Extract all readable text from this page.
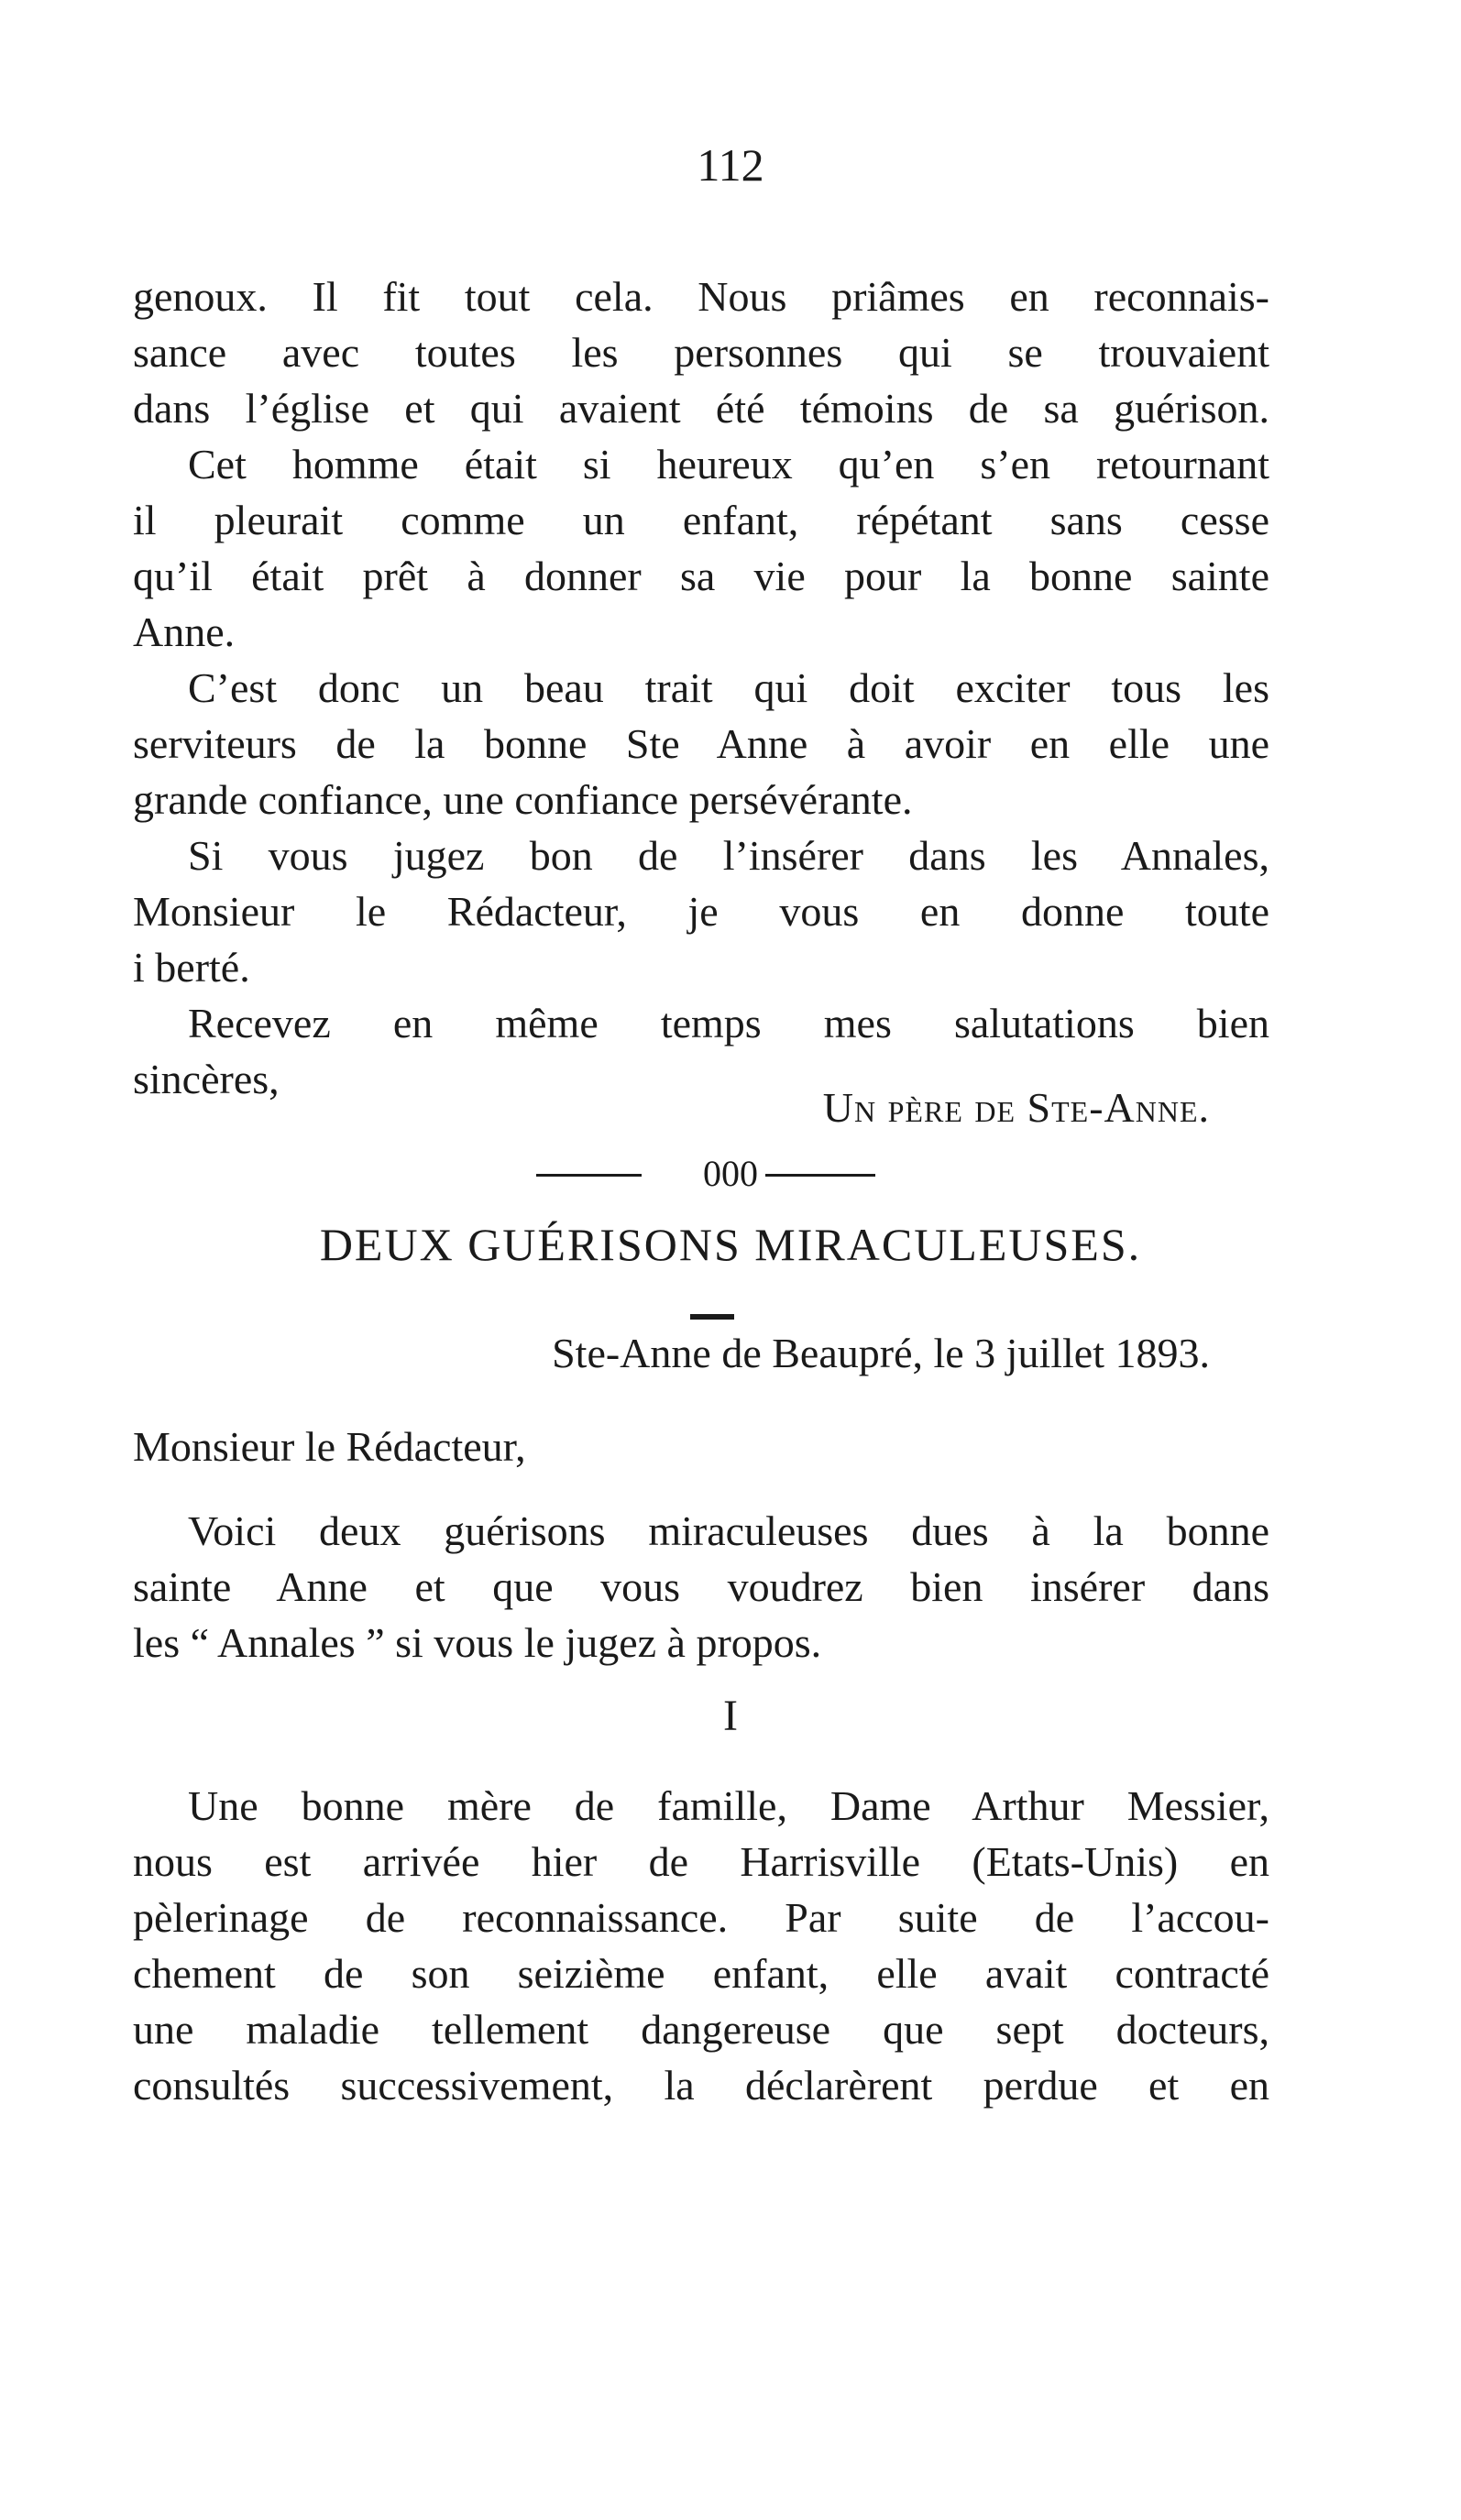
112
genoux. Il fit tout cela. Nous priâmes en reconnais-
sance avec toutes les personnes qui se trouvaient
dans l’église et qui avaient été témoins de sa guérison.
Cet homme était si heureux qu’en s’en retournant
il pleurait comme un enfant, répétant sans cesse
qu’il était prêt à donner sa vie pour la bonne sainte
Anne.
C’est donc un beau trait qui doit exciter tous les
serviteurs de la bonne Ste Anne à avoir en elle une
grande confiance, une confiance persévérante.
Si vous jugez bon de l’insérer dans les Annales,
Monsieur le Rédacteur, je vous en donne toute
i berté.
Recevez en même temps mes salutations bien
sincères,
Un père de Ste-Anne.
000
DEUX GUÉRISONS MIRACULEUSES.
Ste-Anne de Beaupré, le 3 juillet 1893.
Monsieur le Rédacteur,
Voici deux guérisons miraculeuses dues à la bonne
sainte Anne et que vous voudrez bien insérer dans
les “ Annales ” si vous le jugez à propos.
I
Une bonne mère de famille, Dame Arthur Messier,
nous est arrivée hier de Harrisville (Etats-Unis) en
pèlerinage de reconnaissance. Par suite de l’accou-
chement de son seizième enfant, elle avait contracté
une maladie tellement dangereuse que sept docteurs,
consultés successivement, la déclarèrent perdue et en
